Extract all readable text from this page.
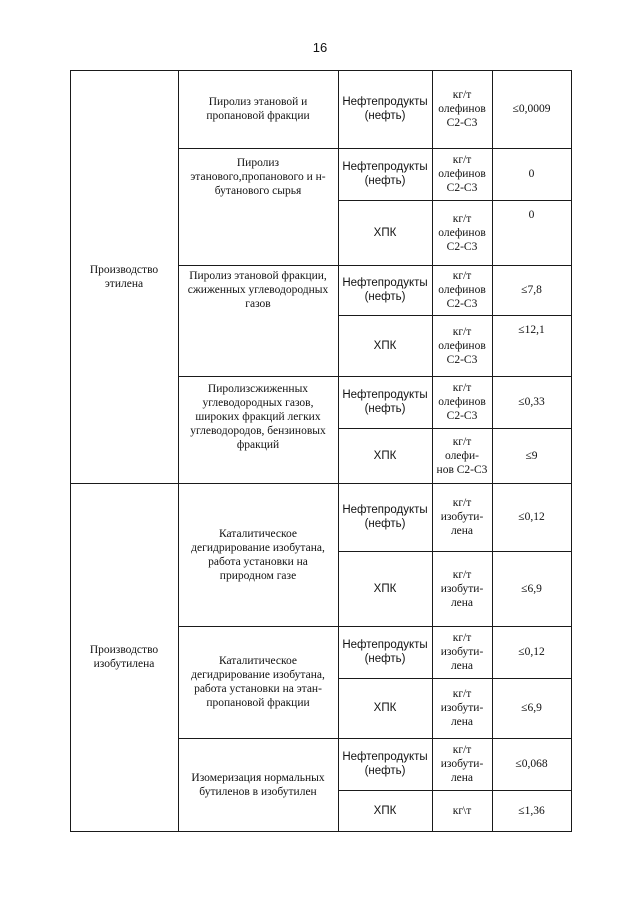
16
Производство
этилена
Пиролиз этановой и
пропановой фракции
Нефтепродукты
(нефть)
кг/т
олефинов
С2-С3
≤0,0009
Пиролиз
этанового,пропанового и н-
бутанового сырья
Нефтепродукты
(нефть)
кг/т
олефинов
С2-С3
0
ХПК
кг/т
олефинов
С2-С3
0
Пиролиз этановой фракции,
сжиженных углеводородных
газов
Нефтепродукты
(нефть)
кг/т
олефинов
С2-С3
≤7,8
ХПК
кг/т
олефинов
С2-С3
≤12,1
Пиролизсжиженных
углеводородных газов,
широкиx фракций легких
углеводородов, бензиновых
фракций
Нефтепродукты
(нефть)
кг/т
олефинов
С2-С3
≤0,33
ХПК
кг/т
олефи-
нов С2-С3
≤9
Производство
изобутилена
Каталитическое
дегидрирование изобутана,
работа установки на
природном газе
Нефтепродукты
(нефть)
кг/т
изобути-
лена
≤0,12
ХПК
кг/т
изобути-
лена
≤6,9
Каталитическое
дегидрирование изобутана,
работа установки на этан-
пропановой фракции
Нефтепродукты
(нефть)
кг/т
изобути-
лена
≤0,12
ХПК
кг/т
изобути-
лена
≤6,9
Изомеризация нормальных
бутиленов в изобутилен
Нефтепродукты
(нефть)
кг/т
изобути-
лена
≤0,068
ХПК	кг\т	≤1,36
